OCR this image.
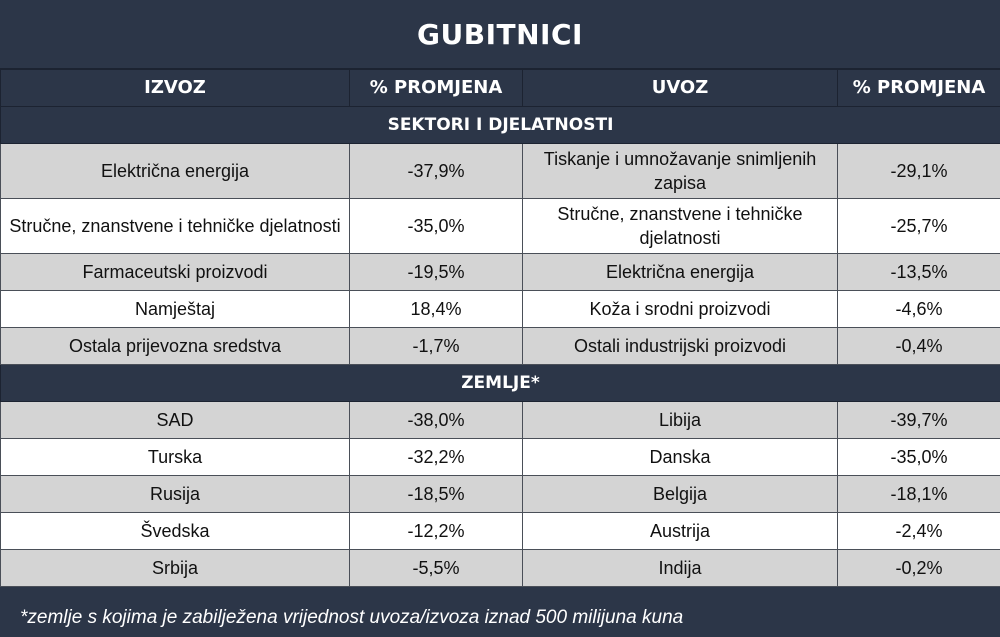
GUBITNICI
IZVOZ	% PROMJENA	UVOZ	% PROMJENA
SEKTORI I DJELATNOSTI			
Električna energija	-37,9%	Tiskanje i umnožavanje snimljenih zapisa	-29,1%
Stručne, znanstvene i tehničke djelatnosti	-35,0%	Stručne, znanstvene i tehničke djelatnosti	-25,7%
Farmaceutski proizvodi	-19,5%	Električna energija	-13,5%
Namještaj	18,4%	Koža i srodni proizvodi	-4,6%
Ostala prijevozna sredstva	-1,7%	Ostali industrijski proizvodi	-0,4%
ZEMLJE*			
SAD	-38,0%	Libija	-39,7%
Turska	-32,2%	Danska	-35,0%
Rusija	-18,5%	Belgija	-18,1%
Švedska	-12,2%	Austrija	-2,4%
Srbija	-5,5%	Indija	-0,2%
*zemlje s kojima je zabilježena vrijednost uvoza/izvoza iznad 500 milijuna kuna
